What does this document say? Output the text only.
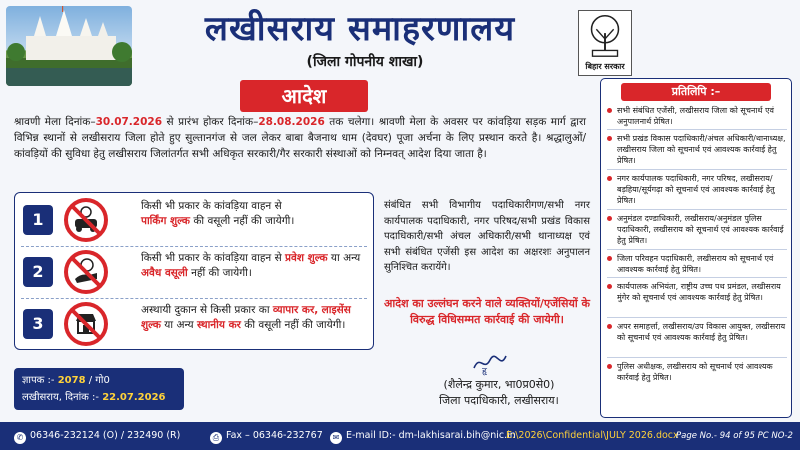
लखीसराय समाहरणालय
(जिला गोपनीय शाखा)	बिहार सरकार
आदेश
श्रावणी मेला दिनांक–30.07.2026 से प्रारंभ होकर दिनांक–28.08.2026 तक चलेगा। श्रावणी मेला के अवसर पर कांवड़िया सड़क मार्ग द्वारा विभिन्न स्थानों से लखीसराय जिला होते हुए सुल्तानगंज से जल लेकर बाबा बैजनाथ धाम (देवघर) पूजा अर्चना के लिए प्रस्थान करते है। श्रद्धालुओं/कांवड़ियों की सुविधा हेतु लखीसराय जिलांतर्गत सभी अधिकृत सरकारी/गैर सरकारी संस्थाओं को निम्नवत् आदेश दिया जाता है।
1
किसी भी प्रकार के कांवड़िया वाहन से
पार्किंग शुल्क की वसूली नहीं की जायेगी।
2
किसी भी प्रकार के कांवड़िया वाहन से प्रवेश शुल्क या अन्य अवैध वसूली नहीं की जायेगी।
3
अस्थायी दुकान से किसी प्रकार का व्यापार कर, लाइसेंस शुल्क या अन्य स्थानीय कर की वसूली नहीं की जायेगी।
संबंधित सभी विभागीय पदाधिकारीगण/सभी नगर कार्यपालक पदाधिकारी, नगर परिषद/सभी प्रखंड विकास पदाधिकारी/सभी अंचल अधिकारी/सभी थानाध्यक्ष एवं सभी संबंधित एजेंसी इस आदेश का अक्षरशः अनुपालन सुनिश्चित करायेंगे।
आदेश का उल्लंघन करने वाले व्यक्तियों/एजेंसियों के विरुद्ध विधिसम्मत कार्रवाई की जायेगी।
हृ
(शैलेन्द्र कुमार, भा0प्र0से0)
जिला पदाधिकारी, लखीसराय।
ज्ञापक :- 2078 / गो0
लखीसराय, दिनांक :- 22.07.2026
प्रतिलिपि :–
सभी संबंधित एजेंसी, लखीसराय जिला को सूचनार्थ एवं अनुपालनार्थ प्रेषित।
सभी प्रखंड विकास पदाधिकारी/अंचल अधिकारी/थानाध्यक्ष, लखीसराय जिला को सूचनार्थ एवं आवश्यक कार्रवाई हेतु प्रेषित।
नगर कार्यपालक पदाधिकारी, नगर परिषद, लखीसराय/बड़हिया/सूर्यगढ़ा को सूचनार्थ एवं आवश्यक कार्रवाई हेतु प्रेषित।
अनुमंडल दण्डाधिकारी, लखीसराय/अनुमंडल पुलिस पदाधिकारी, लखीसराय को सूचनार्थ एवं आवश्यक कार्रवाई हेतु प्रेषित।
जिला परिवहन पदाधिकारी, लखीसराय को सूचनार्थ एवं आवश्यक कार्रवाई हेतु प्रेषित।
कार्यपालक अभियंता, राष्ट्रीय उच्च पथ प्रमंडल, लखीसराय मुंगेर को सूचनार्थ एवं आवश्यक कार्रवाई हेतु प्रेषित।
अपर समाहर्त्ता, लखीसराय/उप विकास आयुक्त, लखीसराय को सूचनार्थ एवं आवश्यक कार्रवाई हेतु प्रेषित।
पुलिस अधीक्षक, लखीसराय को सूचनार्थ एवं आवश्यक कार्रवाई हेतु प्रेषित।
✆ 06346-232124 (O) / 232490 (R)	⎙ Fax – 06346-232767	✉ E-mail ID:- dm-lakhisarai.bih@nic.in
E:\2026\Confidential\JULY 2026.docx
Page No.- 94 of 95 PC NO-2
